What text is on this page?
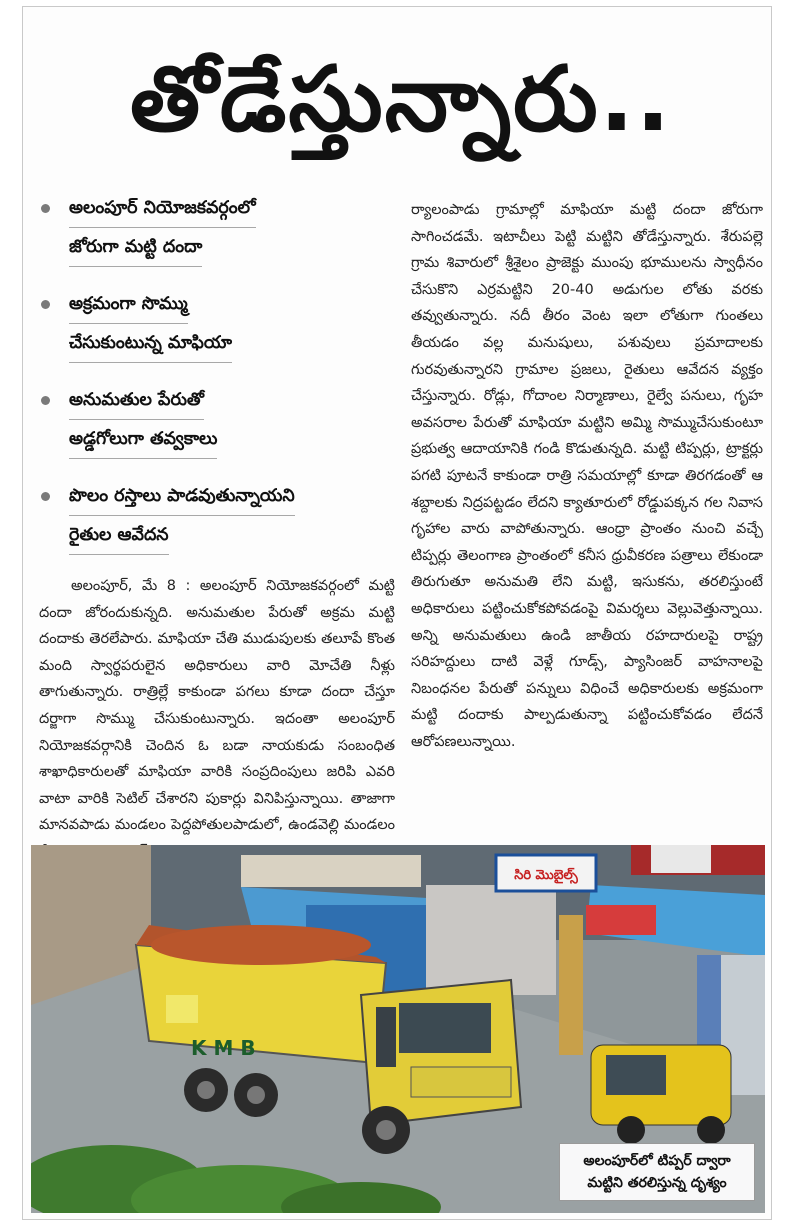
తోడేస్తున్నారు..
అలంపూర్ నియోజకవర్గంలో
జోరుగా మట్టి దందా
అక్రమంగా సొమ్ము
చేసుకుంటున్న మాఫియా
అనుమతుల పేరుతో
అడ్డగోలుగా తవ్వకాలు
పొలం రస్తాలు పాడవుతున్నాయని
రైతుల ఆవేదన

అలంపూర్, మే 8 : అలంపూర్ నియోజకవర్గంలో మట్టి దందా జోరందుకున్నది. అనుమతుల పేరుతో అక్రమ మట్టి దందాకు తెరలేపారు. మాఫియా చేతి ముడుపులకు తలూపే కొంత మంది స్వార్థపరులైన అధికారులు వారి మోచేతి నీళ్లు తాగుతున్నారు. రాత్రిల్లే కాకుండా పగలు కూడా దందా చేస్తూ దర్జాగా సొమ్ము చేసుకుంటున్నారు. ఇదంతా అలంపూర్ నియోజకవర్గానికి చెందిన ఓ బడా నాయకుడు సంబంధిత శాఖాధికారులతో మాఫియా వారికి సంప్రదింపులు జరిపి ఎవరి వాటా వారికి సెటిల్ చేశారని పుకార్లు వినిపిస్తున్నాయి. తాజాగా మానవపాడు మండలం పెద్దపోతులపాడులో, ఉండవెల్లి మండలం

ర్యాలంపాడు గ్రామాల్లో మాఫియా మట్టి దందా జోరుగా సాగించడమే. ఇటాచీలు పెట్టి మట్టిని తోడేస్తున్నారు. శేరుపల్లె గ్రామ శివారులో శ్రీశైలం ప్రాజెక్టు ముంపు భూములను స్వాధీనం చేసుకొని ఎర్రమట్టిని 20-40 అడుగుల లోతు వరకు తవ్వుతున్నారు. నదీ తీరం వెంట ఇలా లోతుగా గుంతలు తీయడం వల్ల మనుషులు, పశువులు ప్రమాదాలకు గురవుతున్నారని గ్రామాల ప్రజలు, రైతులు ఆవేదన వ్యక్తం చేస్తున్నారు. రోడ్లు, గోదాంల నిర్మాణాలు, రైల్వే పనులు, గృహ అవసరాల పేరుతో మాఫియా మట్టిని అమ్మి సొమ్ముచేసుకుంటూ ప్రభుత్వ ఆదాయానికి గండి కొడుతున్నది. మట్టి టిప్పర్లు, ట్రాక్టర్లు పగటి పూటనే కాకుండా రాత్రి సమయాల్లో కూడా తిరగడంతో ఆ శబ్దాలకు నిద్రపట్టడం లేదని క్యాతూరులో రోడ్డుపక్కన గల నివాస గృహాల వారు వాపోతున్నారు. ఆంధ్రా ప్రాంతం నుంచి వచ్చే టిప్పర్లు తెలంగాణ ప్రాంతంలో కనీస ధ్రువీకరణ పత్రాలు లేకుండా తిరుగుతూ అనుమతి లేని మట్టి, ఇసుకను, తరలిస్తుంటే అధికారులు పట్టించుకోకపోవడంపై విమర్శలు వెల్లువెత్తున్నాయి. అన్ని అనుమతులు ఉండి జాతీయ రహదారులపై రాష్ట్ర సరిహద్దులు దాటి వెళ్లే గూడ్స్, ప్యాసింజర్ వాహనాలపై నిబంధనల పేరుతో పన్నులు విధించే అధికారులకు అక్రమంగా మట్టి దందాకు పాల్పడుతున్నా పట్టించుకోవడం లేదనే ఆరోపణలున్నాయి.

సిరి మొబైల్స్
K M B
అలంపూర్‌లో టిప్పర్ ద్వారా
మట్టిని తరలిస్తున్న దృశ్యం
